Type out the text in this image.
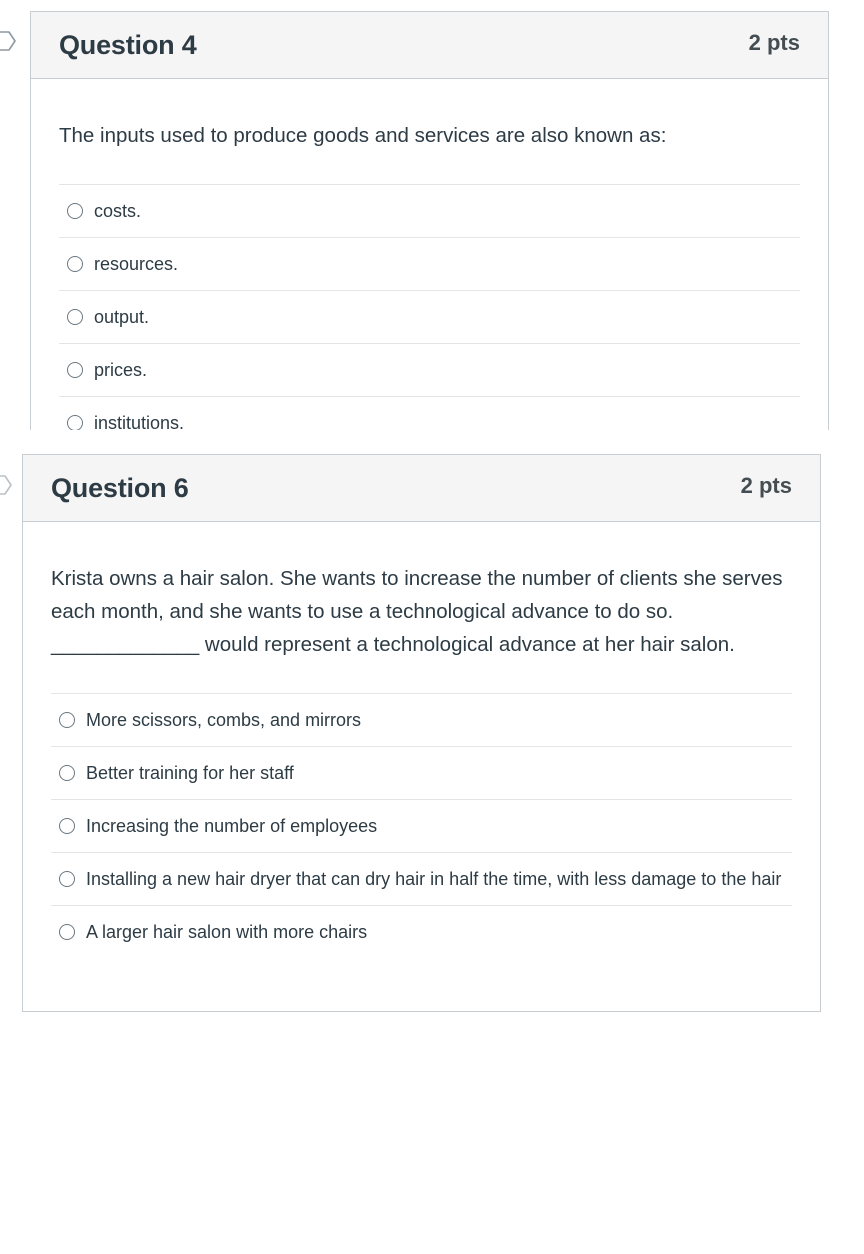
Question 4	2 pts

The inputs used to produce goods and services are also known as:

costs.
resources.
output.
prices.
institutions.
Question 6	2 pts

Krista owns a hair salon. She wants to increase the number of clients she serves each month, and she wants to use a technological advance to do so. _____________ would represent a technological advance at her hair salon.

More scissors, combs, and mirrors
Better training for her staff
Increasing the number of employees
Installing a new hair dryer that can dry hair in half the time, with less damage to the hair
A larger hair salon with more chairs
